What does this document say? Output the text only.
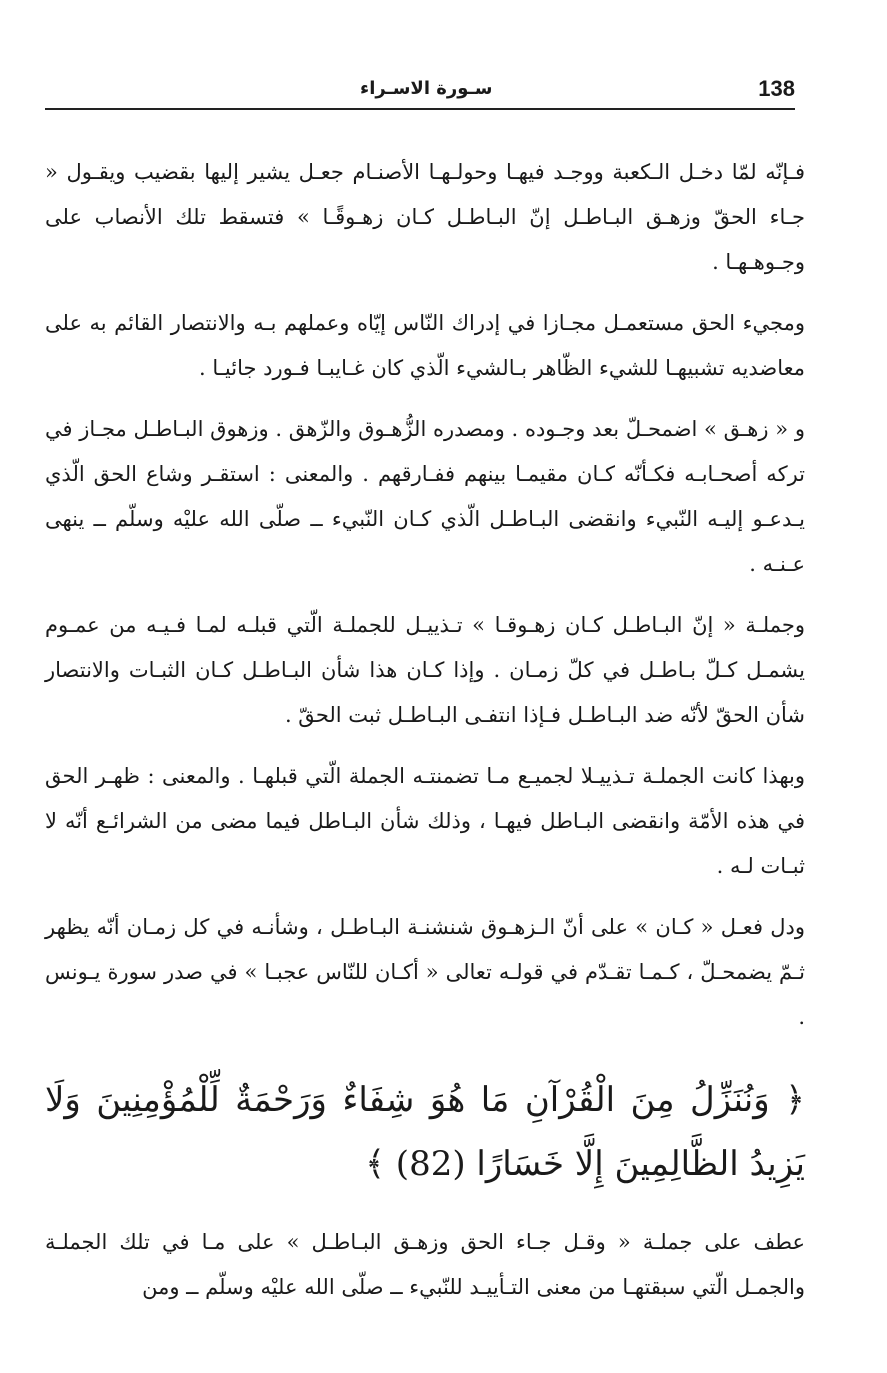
138
سـورة الاسـراء

فـإنّه لمّا دخـل الـكعبة ووجـد فيهـا وحولـهـا الأصنـام جعـل يشير إليها بقضيب ويقـول « جـاء الحقّ وزهـق البـاطـل إنّ البـاطـل كـان زهـوقًـا » فتسقط تلك الأنصاب على وجـوهـهـا .

ومجيء الحق مستعمـل مجـازا في إدراك النّاس إيّاه وعملهم بـه والانتصار القائم به على معاضديه تشبيهـا للشيء الظّاهر بـالشيء الّذي كان غـايبـا فـورد جائيـا .

و « زهـق » اضمحـلّ بعد وجـوده . ومصدره الزُّهـوق والزّهق . وزهوق البـاطـل مجـاز في تركه أصحـابـه فكـأنّه كـان مقيمـا بينهم ففـارقهم . والمعنى : استقـر وشاع الحق الّذي يـدعـو إليـه النّبيء وانقضى البـاطـل الّذي كـان النّبيء ــ صلّى الله عليْه وسلّم ــ ينهى عـنـه .

وجملـة « إنّ البـاطـل كـان زهـوقـا » تـذييـل للجملـة الّتي قبلـه لمـا فـيـه من عمـوم يشمـل كـلّ بـاطـل في كلّ زمـان . وإذا كـان هذا شأن البـاطـل كـان الثبـات والانتصار شأن الحقّ لأنّه ضد البـاطـل فـإذا انتفـى البـاطـل ثبت الحقّ .

وبهذا كانت الجملـة تـذييـلا لجميـع مـا تضمنتـه الجملة الّتي قبلهـا . والمعنى : ظهـر الحق في هذه الأمّة وانقضى البـاطل فيهـا ، وذلك شأن البـاطل فيما مضى من الشرائـع أنّه لا ثبـات لـه .

ودل فعـل « كـان » على أنّ الـزهـوق شنشنـة البـاطـل ، وشأنـه في كل زمـان أنّه يظهر ثـمّ يضمحـلّ ، كـمـا تقـدّم في قولـه تعالى « أكـان للنّاس عجبـا » في صدر سورة يـونس .

﴿ وَنُنَزِّلُ مِنَ الْقُرْآنِ مَا هُوَ شِفَاءٌ وَرَحْمَةٌ لِّلْمُؤْمِنِينَ وَلَا يَزِيدُ الظَّالِمِينَ إِلَّا خَسَارًا (82) ﴾

عطف على جملـة « وقـل جـاء الحق وزهـق البـاطـل » على مـا في تلك الجملـة والجمـل الّتي سبقتهـا من معنى التـأييـد للنّبيء ــ صلّى الله عليْه وسلّم ــ ومن
